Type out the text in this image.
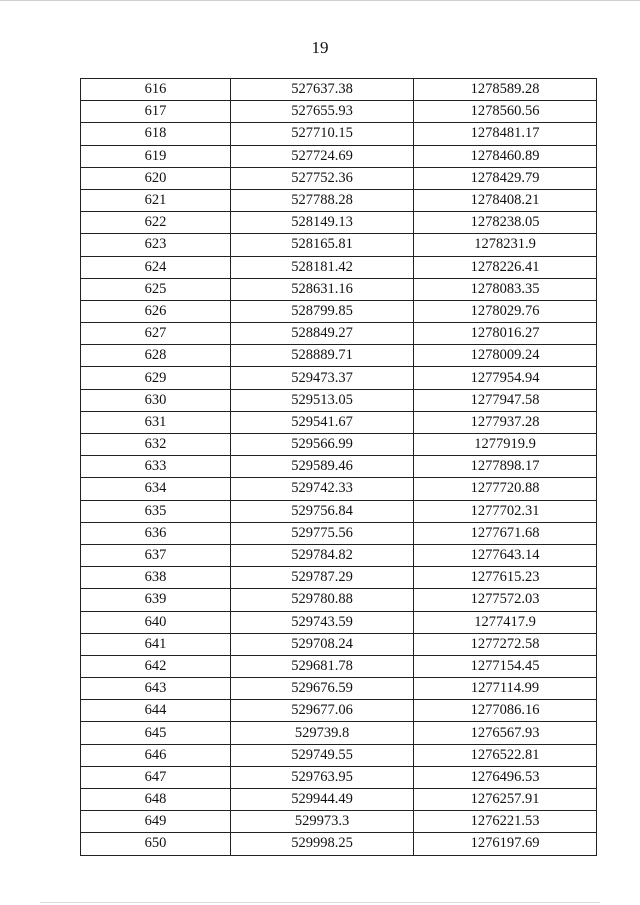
19
616	527637.38	1278589.28
617	527655.93	1278560.56
618	527710.15	1278481.17
619	527724.69	1278460.89
620	527752.36	1278429.79
621	527788.28	1278408.21
622	528149.13	1278238.05
623	528165.81	1278231.9
624	528181.42	1278226.41
625	528631.16	1278083.35
626	528799.85	1278029.76
627	528849.27	1278016.27
628	528889.71	1278009.24
629	529473.37	1277954.94
630	529513.05	1277947.58
631	529541.67	1277937.28
632	529566.99	1277919.9
633	529589.46	1277898.17
634	529742.33	1277720.88
635	529756.84	1277702.31
636	529775.56	1277671.68
637	529784.82	1277643.14
638	529787.29	1277615.23
639	529780.88	1277572.03
640	529743.59	1277417.9
641	529708.24	1277272.58
642	529681.78	1277154.45
643	529676.59	1277114.99
644	529677.06	1277086.16
645	529739.8	1276567.93
646	529749.55	1276522.81
647	529763.95	1276496.53
648	529944.49	1276257.91
649	529973.3	1276221.53
650	529998.25	1276197.69
